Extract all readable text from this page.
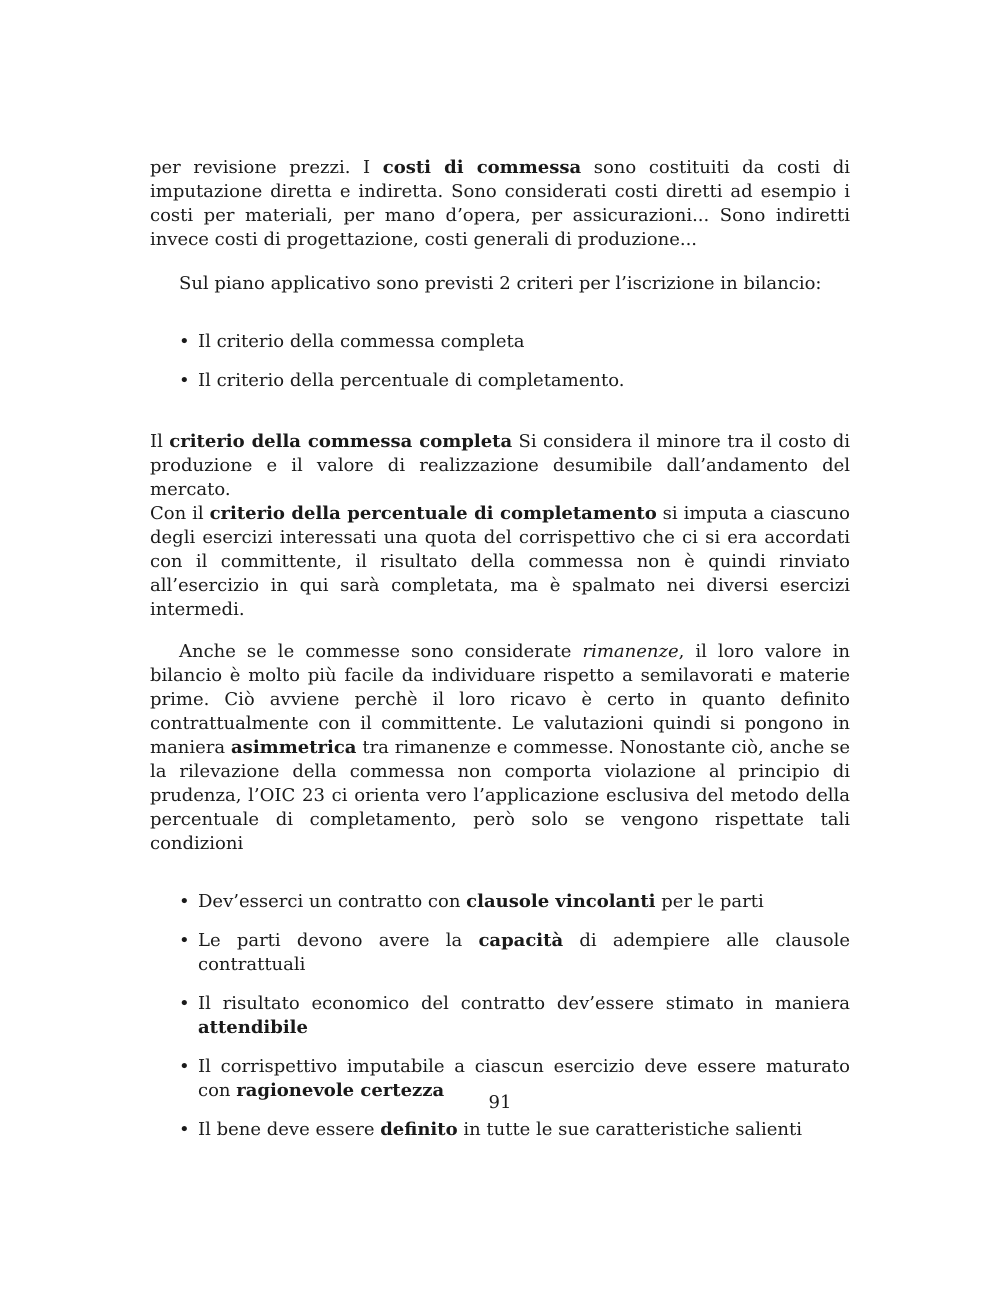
per revisione prezzi. I costi di commessa sono costituiti da costi di imputazione diretta e indiretta. Sono considerati costi diretti ad esempio i costi per materiali, per mano d’opera, per assicurazioni... Sono indiretti invece costi di progettazione, costi generali di produzione...

Sul piano applicativo sono previsti 2 criteri per l’iscrizione in bilancio:

• Il criterio della commessa completa
• Il criterio della percentuale di completamento.

Il criterio della commessa completa Si considera il minore tra il costo di produzione e il valore di realizzazione desumibile dall’andamento del mercato.

Con il criterio della percentuale di completamento si imputa a ciascuno degli esercizi interessati una quota del corrispettivo che ci si era accordati con il committente, il risultato della commessa non è quindi rinviato all’esercizio in qui sarà completata, ma è spalmato nei diversi esercizi intermedi.

Anche se le commesse sono considerate rimanenze, il loro valore in bilancio è molto più facile da individuare rispetto a semilavorati e materie prime. Ciò avviene perchè il loro ricavo è certo in quanto definito contrattualmente con il committente. Le valutazioni quindi si pongono in maniera asimmetrica tra rimanenze e commesse. Nonostante ciò, anche se la rilevazione della commessa non comporta violazione al principio di prudenza, l’OIC 23 ci orienta vero l’applicazione esclusiva del metodo della percentuale di completamento, però solo se vengono rispettate tali condizioni

• Dev’esserci un contratto con clausole vincolanti per le parti
• Le parti devono avere la capacità di adempiere alle clausole contrattuali
• Il risultato economico del contratto dev’essere stimato in maniera attendibile
• Il corrispettivo imputabile a ciascun esercizio deve essere maturato con ragionevole certezza
• Il bene deve essere definito in tutte le sue caratteristiche salienti
91
